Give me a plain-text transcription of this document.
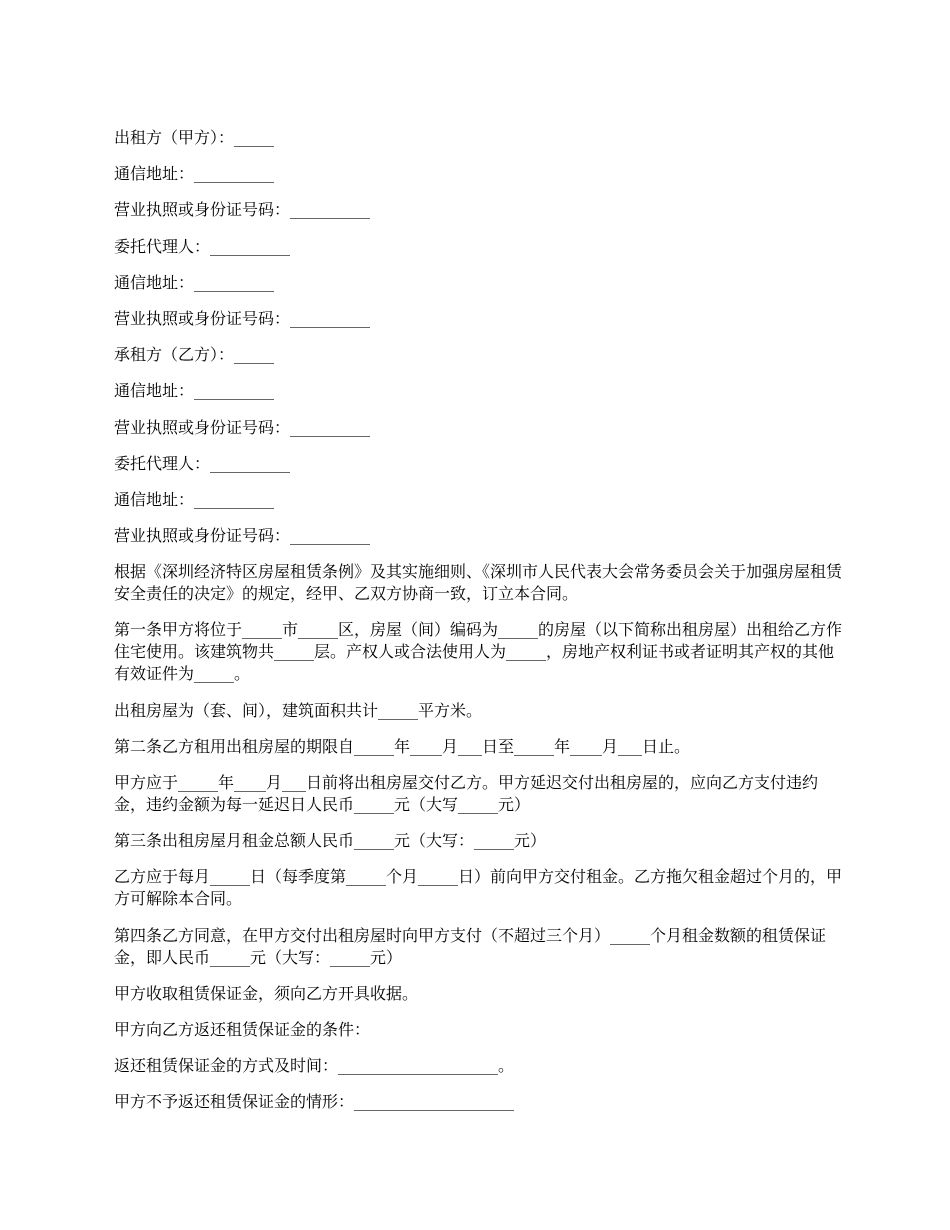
出租方（甲方）：_____
通信地址：__________
营业执照或身份证号码：__________
委托代理人：__________
通信地址：__________
营业执照或身份证号码：__________
承租方（乙方）：_____
通信地址：__________
营业执照或身份证号码：__________
委托代理人：__________
通信地址：__________
营业执照或身份证号码：__________
根据《深圳经济特区房屋租赁条例》及其实施细则、《深圳市人民代表大会常务委员会关于加强房屋租赁安全责任的决定》的规定，经甲、乙双方协商一致，订立本合同。
第一条甲方将位于_____市_____区，房屋（间）编码为_____的房屋（以下简称出租房屋）出租给乙方作住宅使用。该建筑物共_____层。产权人或合法使用人为_____，房地产权利证书或者证明其产权的其他有效证件为_____。
出租房屋为（套、间），建筑面积共计_____平方米。
第二条乙方租用出租房屋的期限自_____年____月___日至_____年____月___日止。
甲方应于_____年____月___日前将出租房屋交付乙方。甲方延迟交付出租房屋的，应向乙方支付违约金，违约金额为每一延迟日人民币_____元（大写_____元）
第三条出租房屋月租金总额人民币_____元（大写：_____元）
乙方应于每月_____日（每季度第_____个月_____日）前向甲方交付租金。乙方拖欠租金超过个月的，甲方可解除本合同。
第四条乙方同意，在甲方交付出租房屋时向甲方支付（不超过三个月）_____个月租金数额的租赁保证金，即人民币_____元（大写：_____元）
甲方收取租赁保证金，须向乙方开具收据。
甲方向乙方返还租赁保证金的条件：
返还租赁保证金的方式及时间：____________________。
甲方不予返还租赁保证金的情形：____________________
